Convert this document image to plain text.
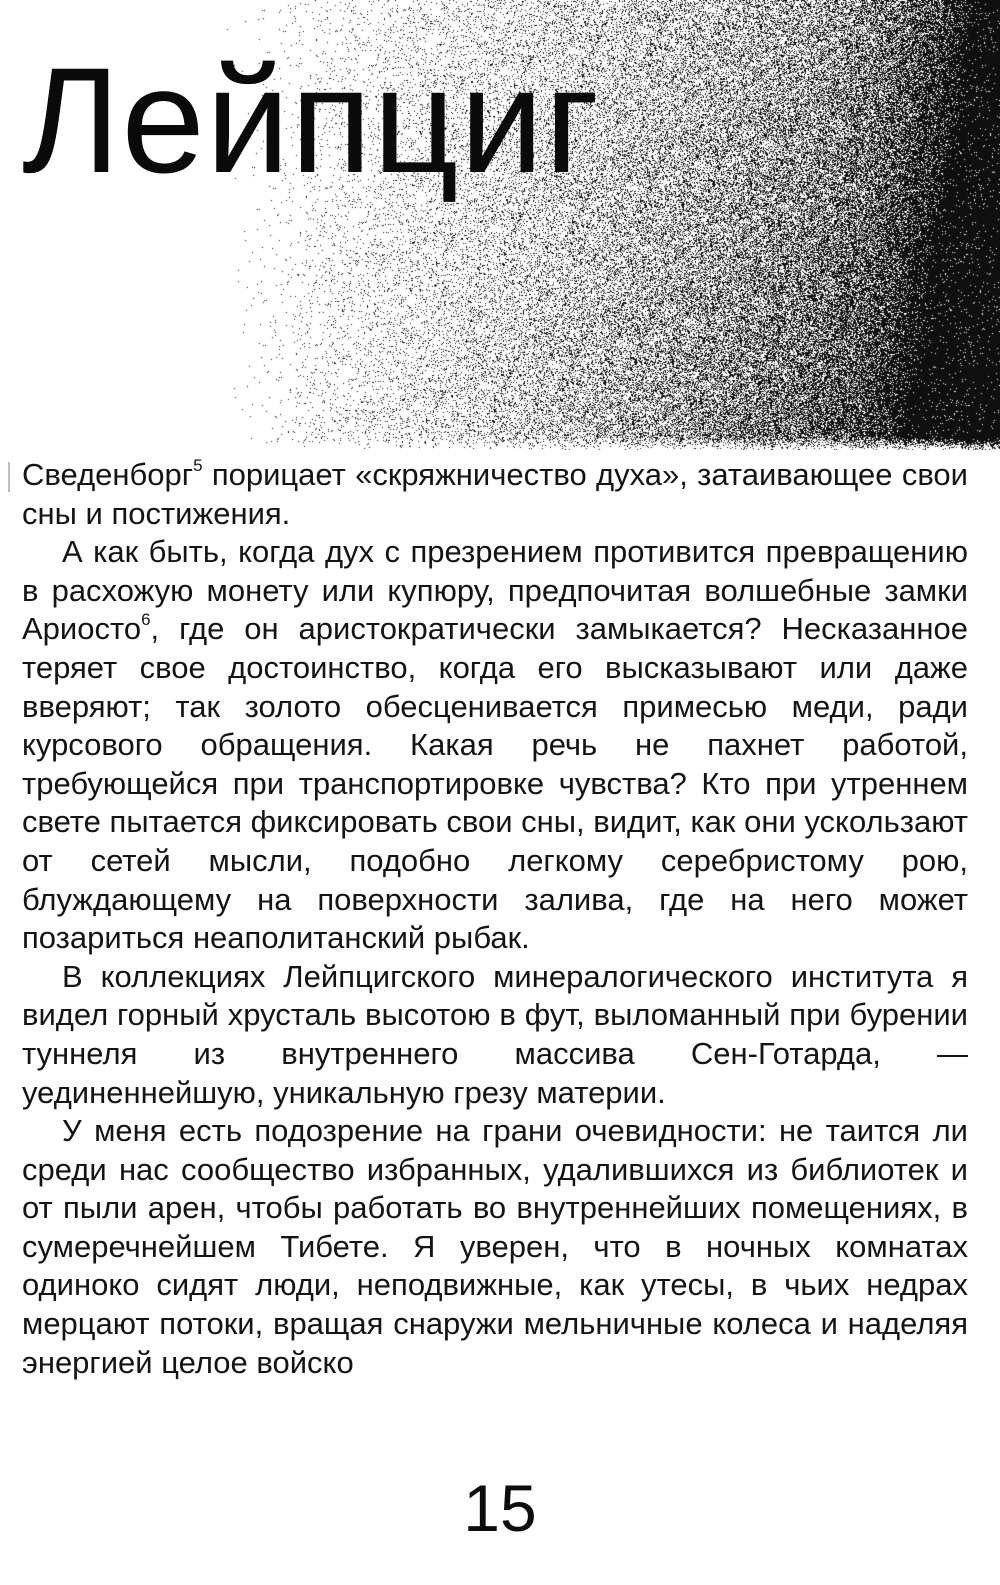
Лейпциг

Сведенборг$^5$ порицает «скряжничество духа», затаивающее свои сны и постижения.

А как быть, когда дух с презрением противится превращению в расхожую монету или купюру, предпочитая волшебные замки Ариосто$^6$, где он аристократически замыкается? Несказанное теряет свое достоинство, когда его высказывают или даже вверяют; так золото обесценивается примесью меди, ради курсового обращения. Какая речь не пахнет работой, требующейся при транспортировке чувства? Кто при утреннем свете пытается фиксировать свои сны, видит, как они ускользают от сетей мысли, подобно легкому серебристому рою, блуждающему на поверхности залива, где на него может позариться неаполитанский рыбак.

В коллекциях Лейпцигского минералогического института я видел горный хрусталь высотою в фут, выломанный при бурении туннеля из внутреннего массива Сен-Готарда, — уединеннейшую, уникальную грезу материи.

У меня есть подозрение на грани очевидности: не таится ли среди нас сообщество избранных, удалившихся из библиотек и от пыли арен, чтобы работать во внутреннейших помещениях, в сумеречнейшем Тибете. Я уверен, что в ночных комнатах одиноко сидят люди, неподвижные, как утесы, в чьих недрах мерцают потоки, вращая снаружи мельничные колеса и наделяя энергией целое войско

15
